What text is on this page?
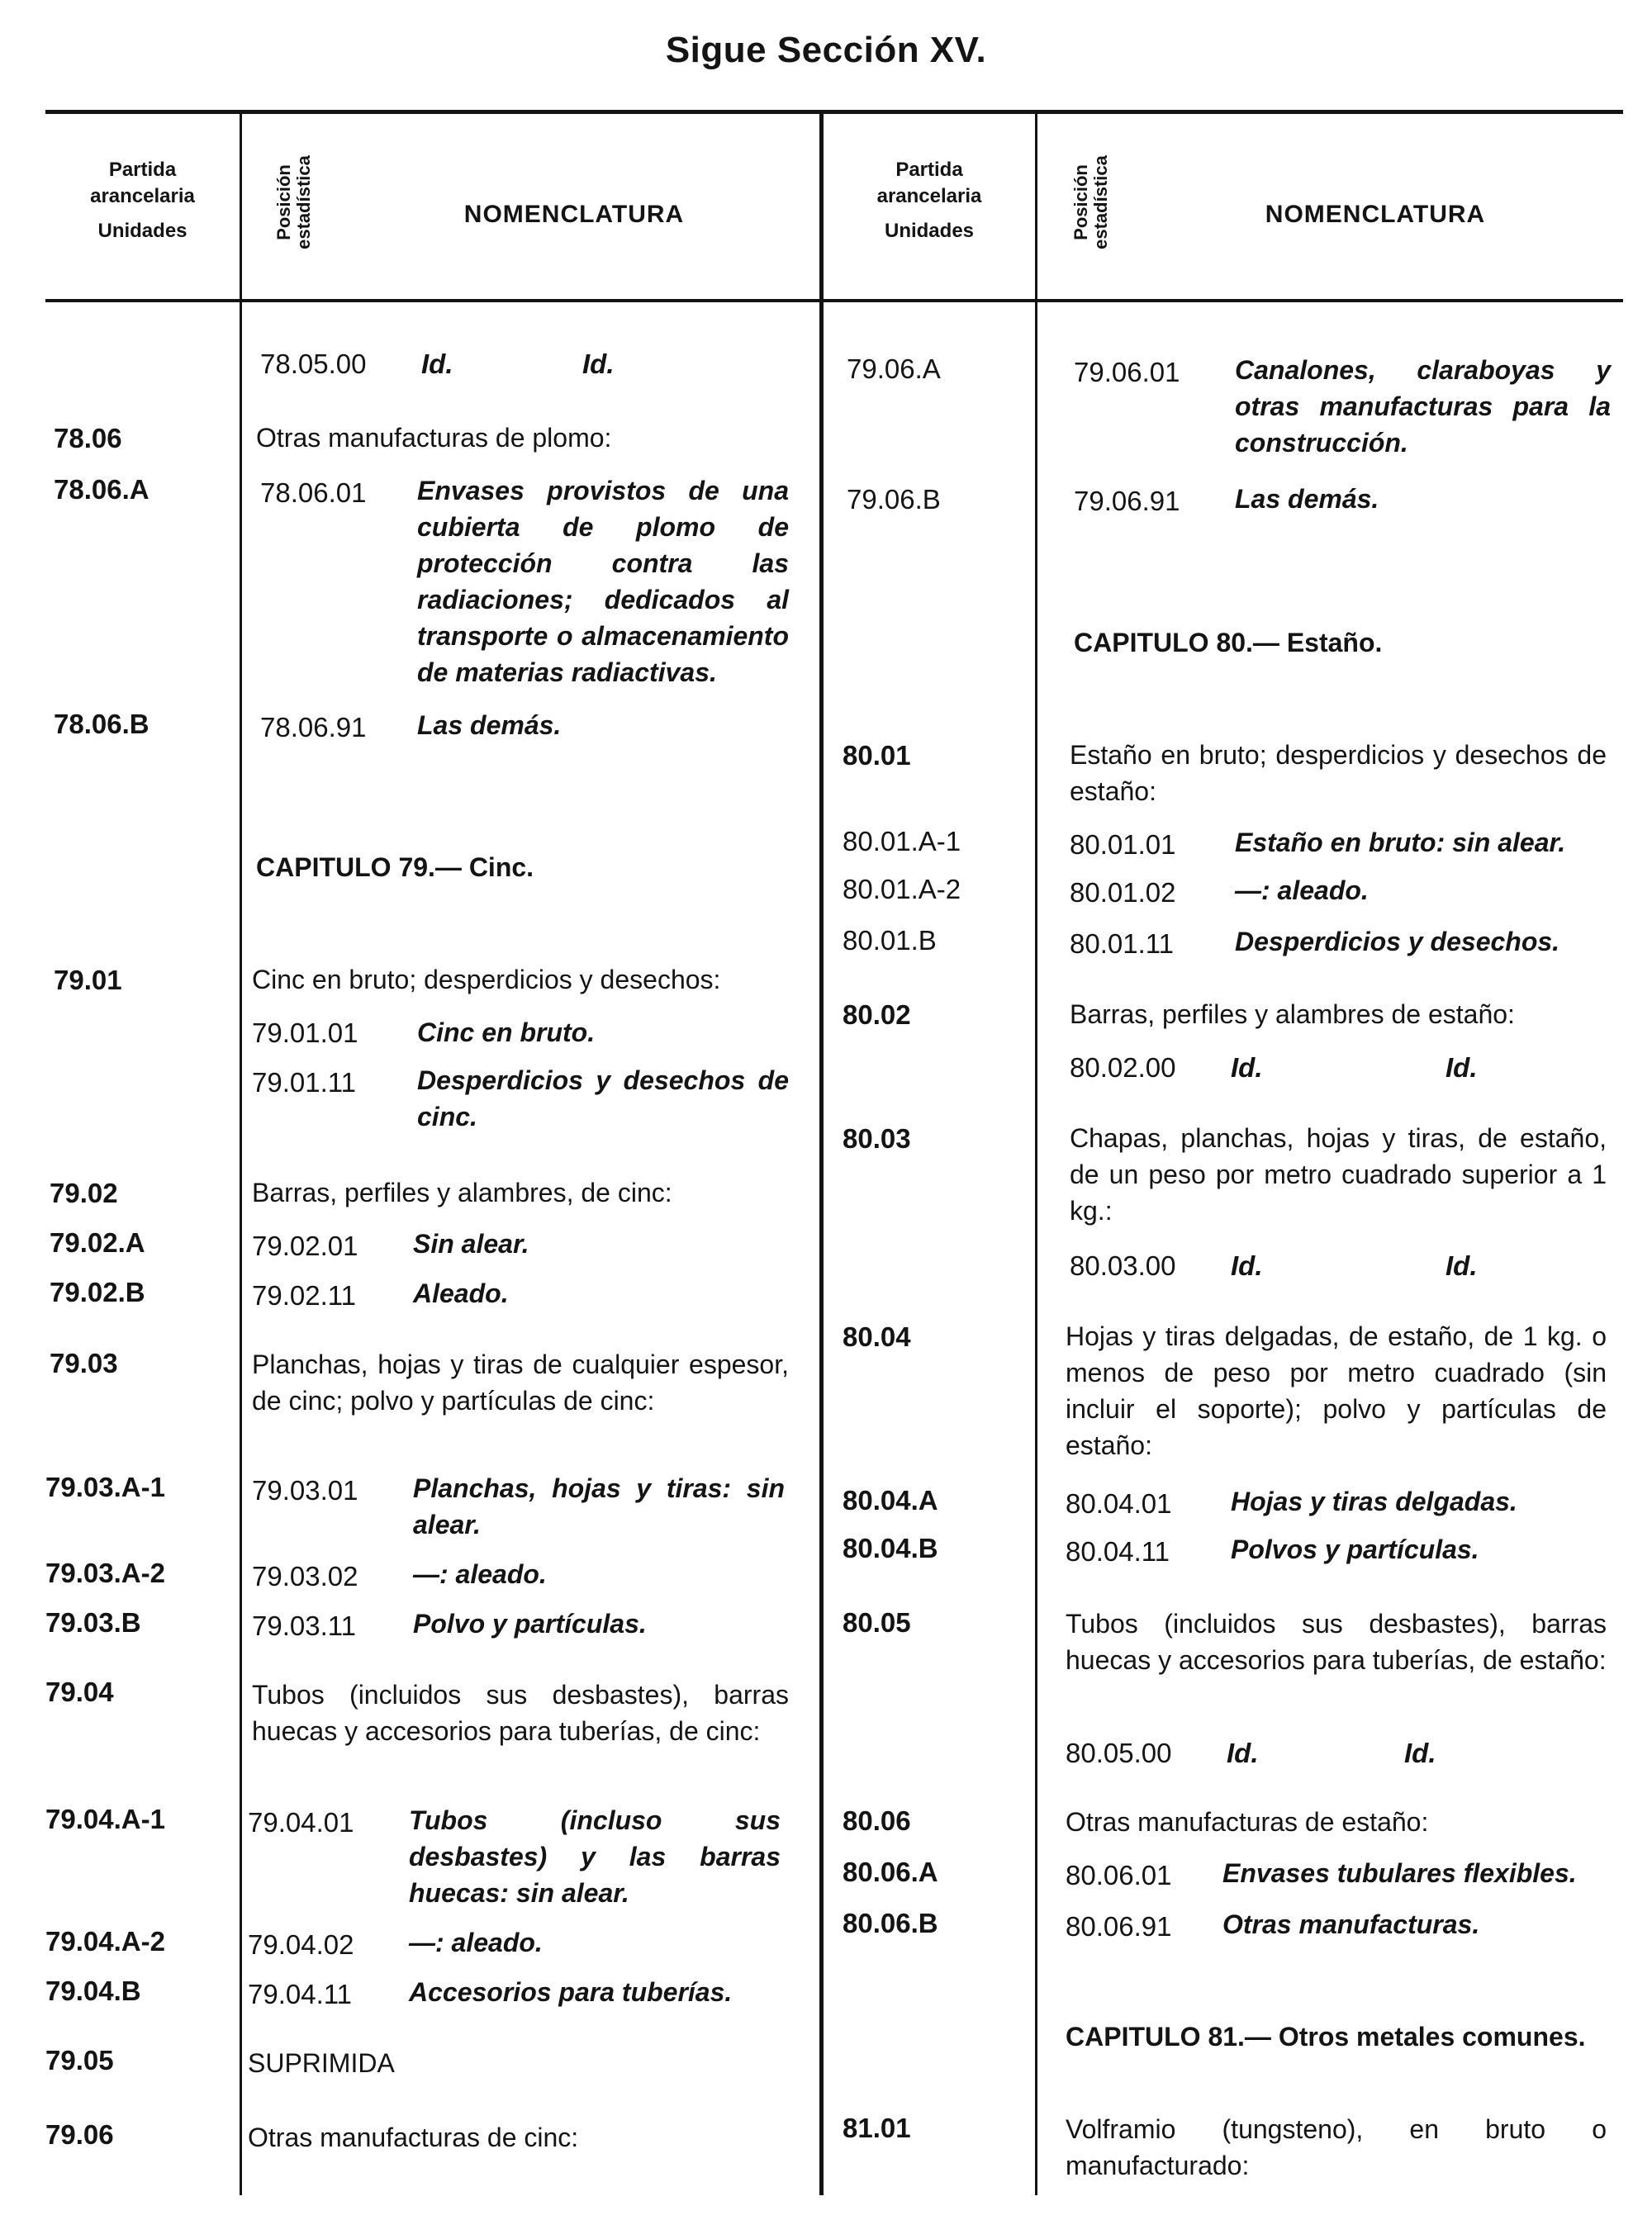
Sigue Sección XV.
Partida
arancelaria
Unidades	Posición estadística	NOMENCLATURA
Partida
arancelaria
Unidades	Posición estadística	NOMENCLATURA
78.05.00 Id.	Id.
78.06	Otras manufacturas de plomo:
78.06.A	78.06.01 Envases provistos de una cubierta de plomo de protección contra las radiaciones; dedicados al transporte o almacenamiento de materias radiactivas.
78.06.B	78.06.91 Las demás.
CAPITULO 79.— Cinc.
79.01	Cinc en bruto; desperdicios y desechos:
79.01.01 Cinc en bruto.
79.01.11 Desperdicios y desechos de cinc.
79.02	Barras, perfiles y alambres, de cinc:
79.02.A	79.02.01 Sin alear.
79.02.B	79.02.11 Aleado.
79.03	Planchas, hojas y tiras de cualquier espesor, de cinc; polvo y partículas de cinc:
79.03.A-1	79.03.01 Planchas, hojas y tiras: sin alear.
79.03.A-2	79.03.02 —: aleado.
79.03.B	79.03.11 Polvo y partículas.
79.04	Tubos (incluidos sus desbastes), barras huecas y accesorios para tuberías, de cinc:
79.04.A-1	79.04.01 Tubos (incluso sus desbastes) y las barras huecas: sin alear.
79.04.A-2	79.04.02 —: aleado.
79.04.B	79.04.11 Accesorios para tuberías.
79.05	SUPRIMIDA
79.06	Otras manufacturas de cinc:
79.06.A	79.06.01 Canalones, claraboyas y otras manufacturas para la construcción.
79.06.B	79.06.91 Las demás.
CAPITULO 80.— Estaño.
80.01	Estaño en bruto; desperdicios y desechos de estaño:
80.01.A-1	80.01.01 Estaño en bruto: sin alear.
80.01.A-2	80.01.02 —: aleado.
80.01.B	80.01.11 Desperdicios y desechos.
80.02	Barras, perfiles y alambres de estaño:
80.02.00 Id.	Id.
80.03	Chapas, planchas, hojas y tiras, de estaño, de un peso por metro cuadrado superior a 1 kg.:
80.03.00 Id.	Id.
80.04	Hojas y tiras delgadas, de estaño, de 1 kg. o menos de peso por metro cuadrado (sin incluir el soporte); polvo y partículas de estaño:
80.04.A	80.04.01 Hojas y tiras delgadas.
80.04.B	80.04.11 Polvos y partículas.
80.05	Tubos (incluidos sus desbastes), barras huecas y accesorios para tuberías, de estaño:
80.05.00 Id.	Id.
80.06	Otras manufacturas de estaño:
80.06.A	80.06.01 Envases tubulares flexibles.
80.06.B	80.06.91 Otras manufacturas.
CAPITULO 81.— Otros metales comunes.
81.01	Volframio (tungsteno), en bruto o manufacturado:
